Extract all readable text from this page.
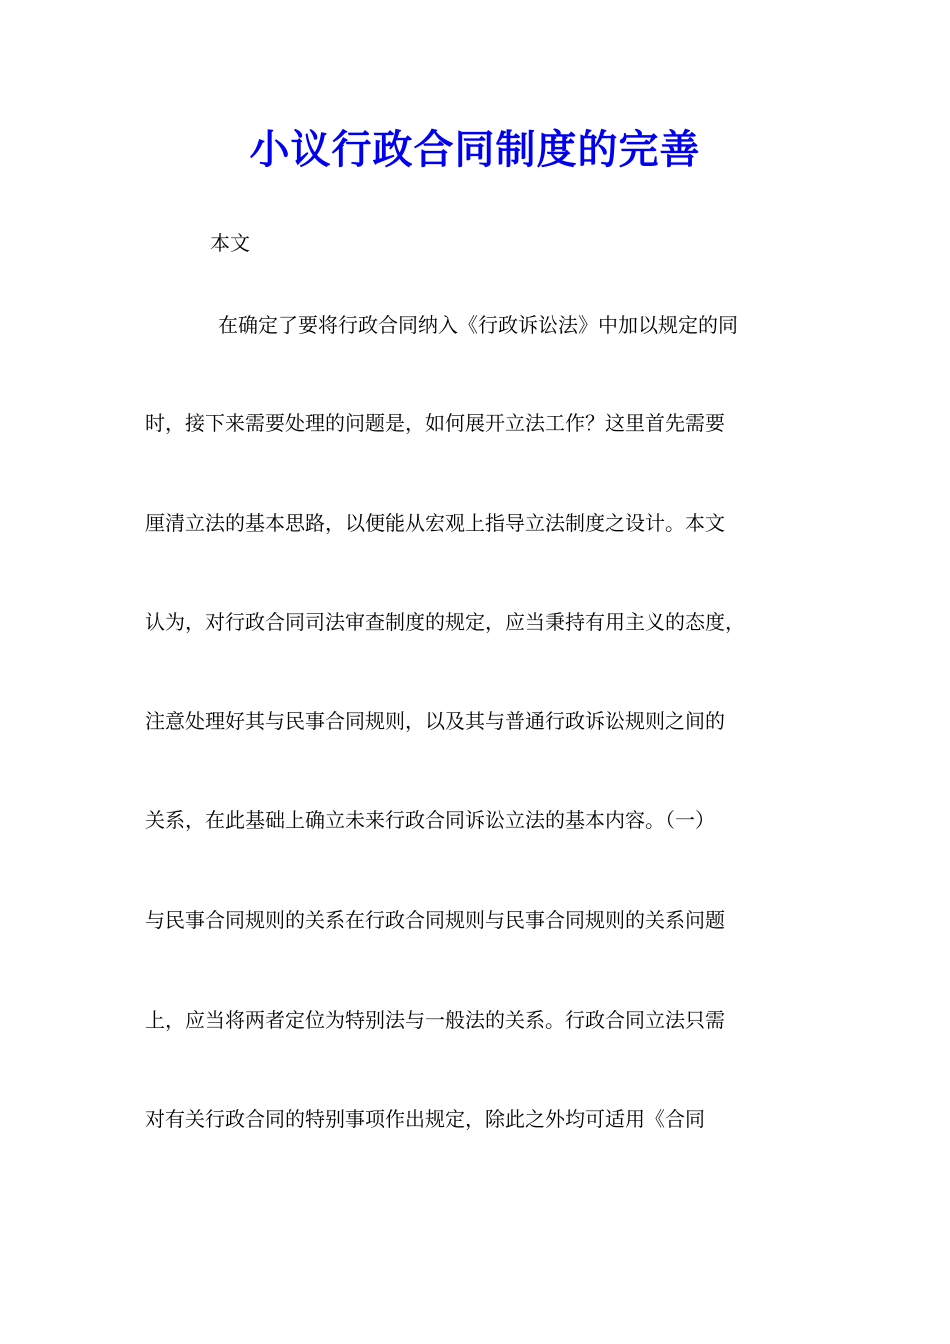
小议行政合同制度的完善
本文
在确定了要将行政合同纳入《行政诉讼法》中加以规定的同
时，接下来需要处理的问题是，如何展开立法工作？这里首先需要
厘清立法的基本思路，以便能从宏观上指导立法制度之设计。本文
认为，对行政合同司法审查制度的规定，应当秉持有用主义的态度，
注意处理好其与民事合同规则，以及其与普通行政诉讼规则之间的
关系，在此基础上确立未来行政合同诉讼立法的基本内容。（一）
与民事合同规则的关系在行政合同规则与民事合同规则的关系问题
上，应当将两者定位为特别法与一般法的关系。行政合同立法只需
对有关行政合同的特别事项作出规定，除此之外均可适用《合同
